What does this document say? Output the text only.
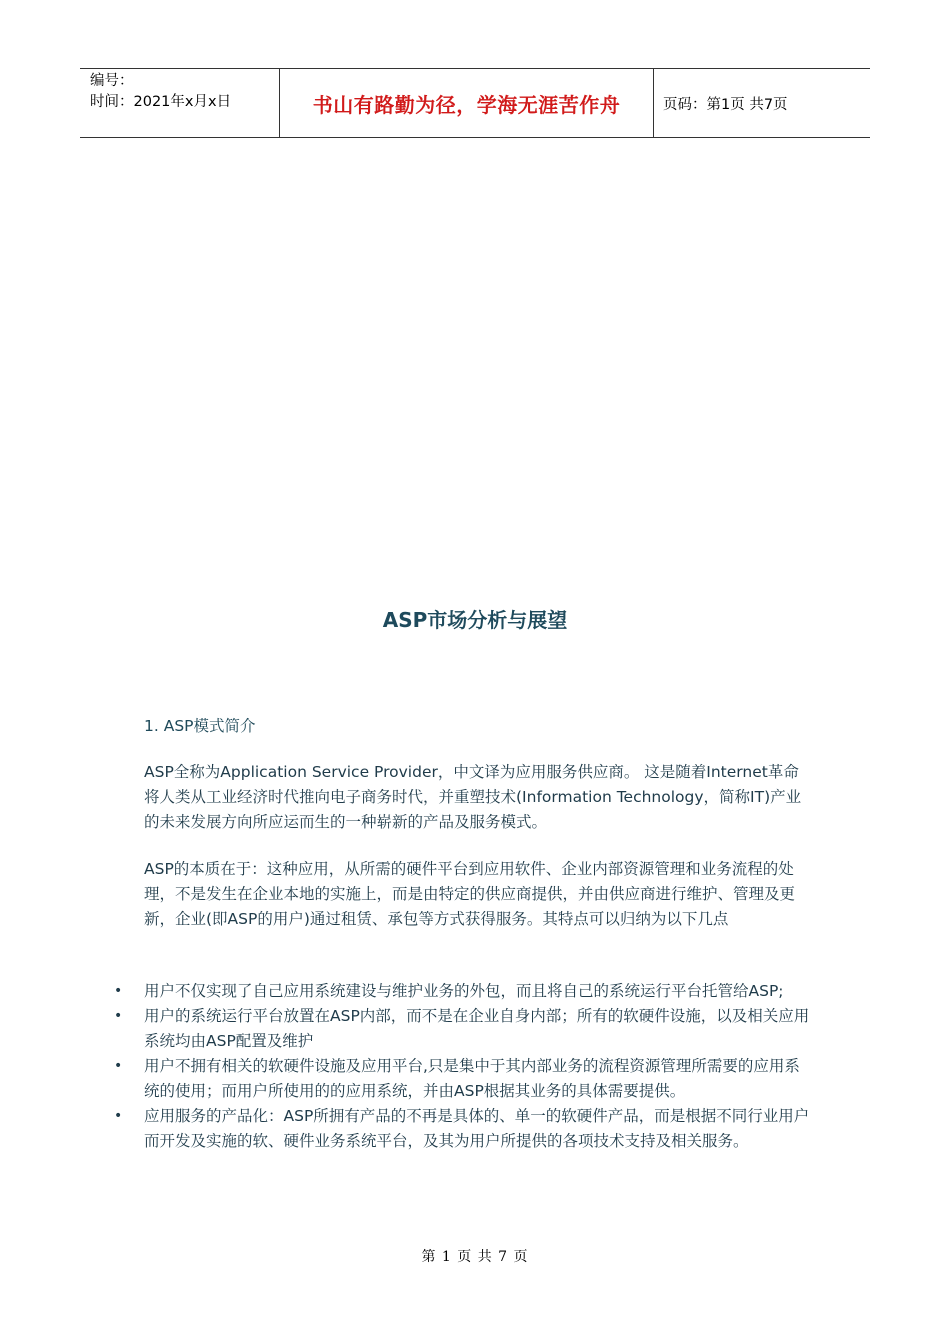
编号：
时间：2021年x月x日	书山有路勤为径，学海无涯苦作舟	页码：第1页 共7页
ASP市场分析与展望
1. ASP模式简介

ASP全称为Application Service Provider，中文译为应用服务供应商。 这是随着Internet革命将人类从工业经济时代推向电子商务时代，并重塑技术(Information Technology，简称IT)产业的未来发展方向所应运而生的一种崭新的产品及服务模式。

ASP的本质在于：这种应用，从所需的硬件平台到应用软件、企业内部资源管理和业务流程的处理，不是发生在企业本地的实施上，而是由特定的供应商提供，并由供应商进行维护、管理及更新，企业(即ASP的用户)通过租赁、承包等方式获得服务。其特点可以归纳为以下几点

• 用户不仅实现了自己应用系统建设与维护业务的外包，而且将自己的系统运行平台托管给ASP;
• 用户的系统运行平台放置在ASP内部，而不是在企业自身内部；所有的软硬件设施，以及相关应用系统均由ASP配置及维护
• 用户不拥有相关的软硬件设施及应用平台,只是集中于其内部业务的流程资源管理所需要的应用系统的使用；而用户所使用的的应用系统，并由ASP根据其业务的具体需要提供。
• 应用服务的产品化：ASP所拥有产品的不再是具体的、单一的软硬件产品，而是根据不同行业用户而开发及实施的软、硬件业务系统平台，及其为用户所提供的各项技术支持及相关服务。
第 1 页 共 7 页
